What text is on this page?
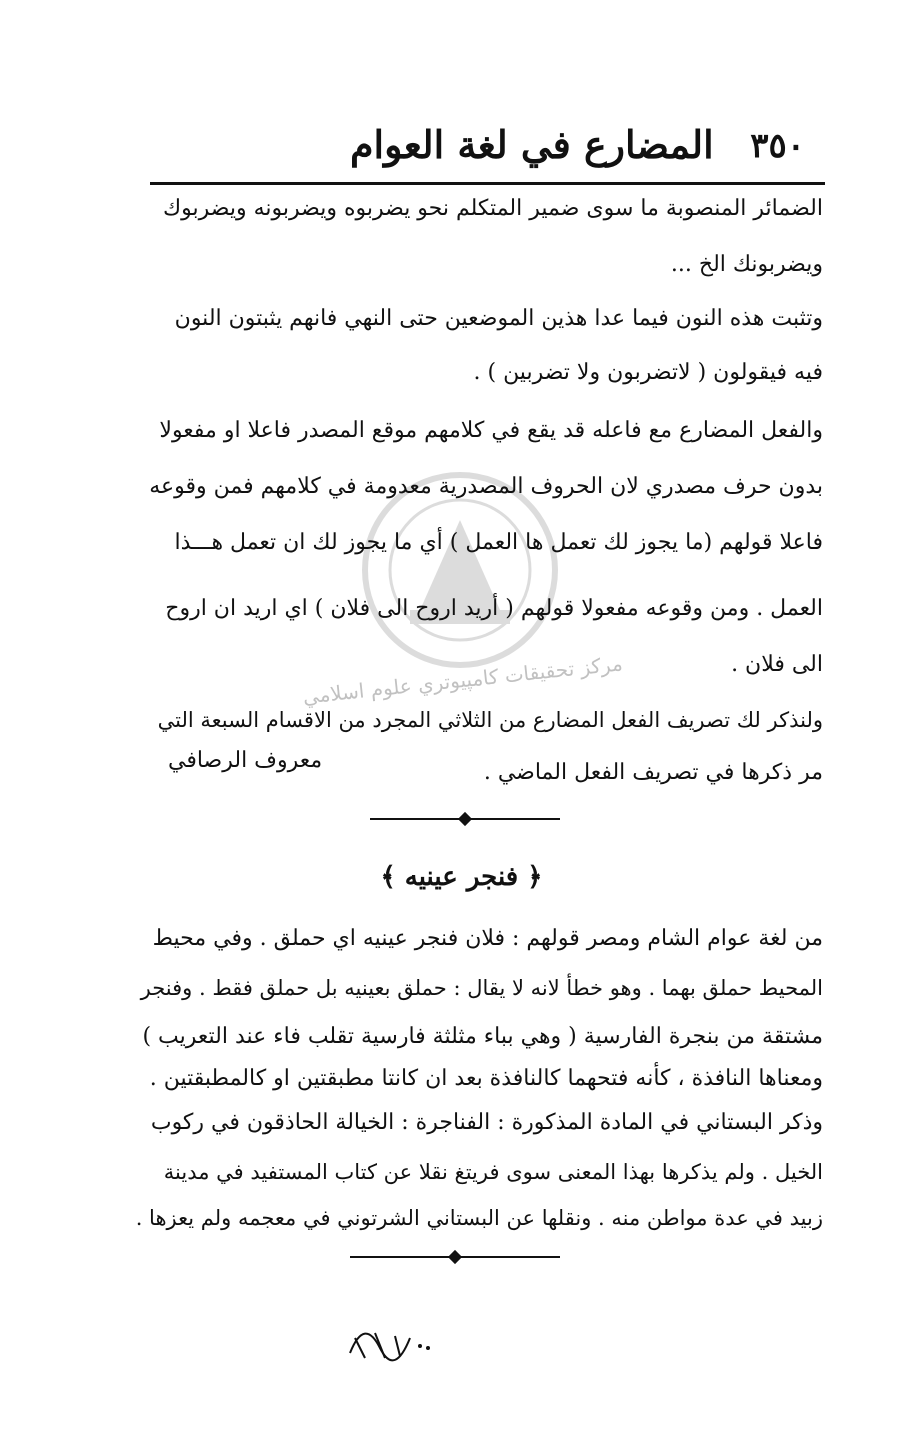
المضارع في لغة العوام ٣٥٠
مركز تحقيقات كامپيوتري علوم اسلامي
الضمائر المنصوبة ما سوى ضمير المتكلم نحو يضربوه ويضربونه ويضربوك
ويضربونك الخ ...
وتثبت هذه النون فيما عدا هذين الموضعين حتى النهي فانهم يثبتون النون
فيه فيقولون ( لاتضربون ولا تضربين ) .
والفعل المضارع مع فاعله قد يقع في كلامهم موقع المصدر فاعلا او مفعولا
بدون حرف مصدري لان الحروف المصدرية معدومة في كلامهم فمن وقوعه
فاعلا قولهم (ما يجوز لك تعمل ها العمل ) أي ما يجوز لك ان تعمل هـــذا
العمل . ومن وقوعه مفعولا قولهم ( أريد اروح الى فلان ) اي اريد ان اروح
الى فلان .
ولنذكر لك تصريف الفعل المضارع من الثلاثي المجرد من الاقسام السبعة التي
مر ذكرها في تصريف الفعل الماضي .
معروف الرصافي
﴿ فنجر عينيه ﴾
من لغة عوام الشام ومصر قولهم : فلان فنجر عينيه اي حملق . وفي محيط
المحيط حملق بهما . وهو خطأ لانه لا يقال : حملق بعينيه بل حملق فقط . وفنجر
مشتقة من بنجرة الفارسية ( وهي بباء مثلثة فارسية تقلب فاء عند التعريب )
ومعناها النافذة ، كأنه فتحهما كالنافذة بعد ان كانتا مطبقتين او كالمطبقتين .
وذكر البستاني في المادة المذكورة : الفناجرة : الخيالة الحاذقون في ركوب
الخيل . ولم يذكرها بهذا المعنى سوى فريتغ نقلا عن كتاب المستفيد في مدينة
زبيد في عدة مواطن منه . ونقلها عن البستاني الشرتوني في معجمه ولم يعزها .
